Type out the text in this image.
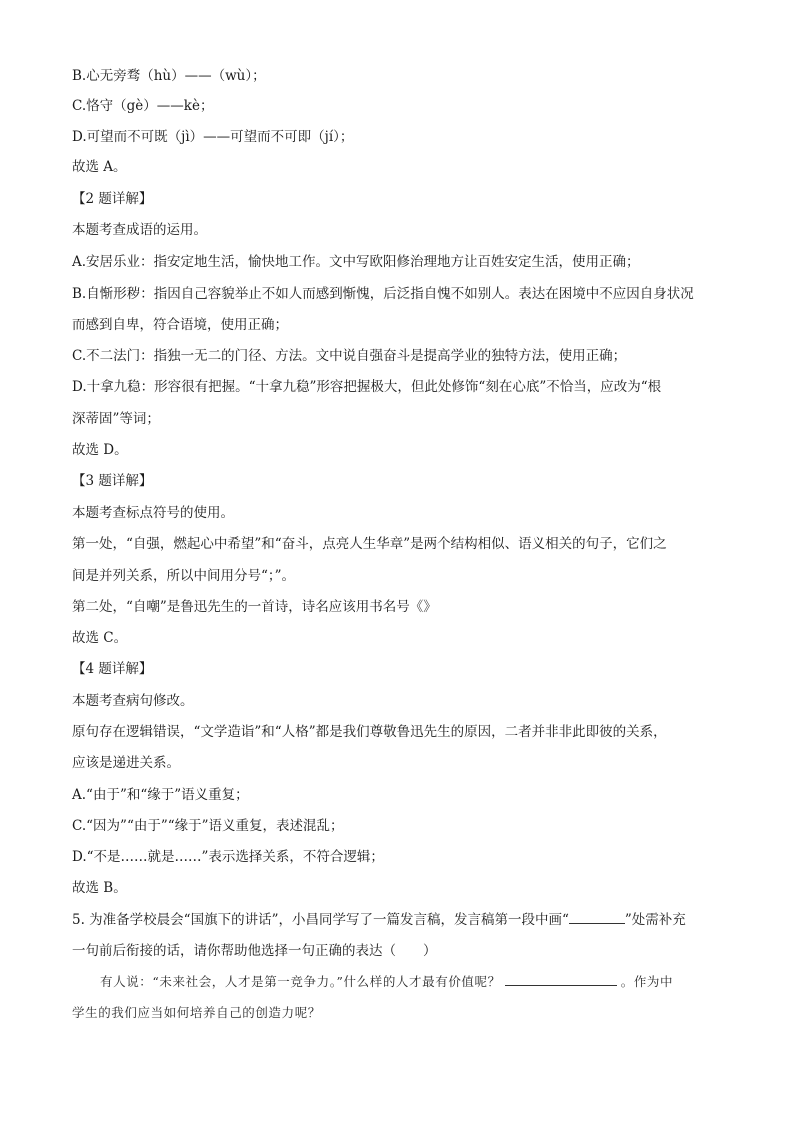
B.心无旁骛（hù）——（wù）；
C.恪守（gè）——kè；
D.可望而不可既（jì）——可望而不可即（jí）；
故选 A。
【2 题详解】
本题考查成语的运用。
A.安居乐业：指安定地生活，愉快地工作。文中写欧阳修治理地方让百姓安定生活，使用正确；
B.自惭形秽：指因自己容貌举止不如人而感到惭愧，后泛指自愧不如别人。表达在困境中不应因自身状况
而感到自卑，符合语境，使用正确；
C.不二法门：指独一无二的门径、方法。文中说自强奋斗是提高学业的独特方法，使用正确；
D.十拿九稳：形容很有把握。“十拿九稳”形容把握极大，但此处修饰“刻在心底”不恰当，应改为“根
深蒂固”等词；
故选 D。
【3 题详解】
本题考查标点符号的使用。
第一处，“自强，燃起心中希望”和“奋斗，点亮人生华章”是两个结构相似、语义相关的句子，它们之
间是并列关系，所以中间用分号“；”。
第二处，“自嘲”是鲁迅先生的一首诗，诗名应该用书名号《》
故选 C。
【4 题详解】
本题考查病句修改。
原句存在逻辑错误，“文学造诣”和“人格”都是我们尊敬鲁迅先生的原因，二者并非非此即彼的关系，
应该是递进关系。
A.“由于”和“缘于”语义重复；
C.“因为”“由于”“缘于”语义重复，表述混乱；
D.“不是……就是……”表示选择关系，不符合逻辑；
故选 B。
5. 为准备学校晨会“国旗下的讲话”，小昌同学写了一篇发言稿，发言稿第一段中画“	”处需补充
一句前后衔接的话，请你帮助他选择一句正确的表达（　　）
有人说：“未来社会，人才是第一竞争力。”什么样的人才最有价值呢？	。作为中
学生的我们应当如何培养自己的创造力呢？
